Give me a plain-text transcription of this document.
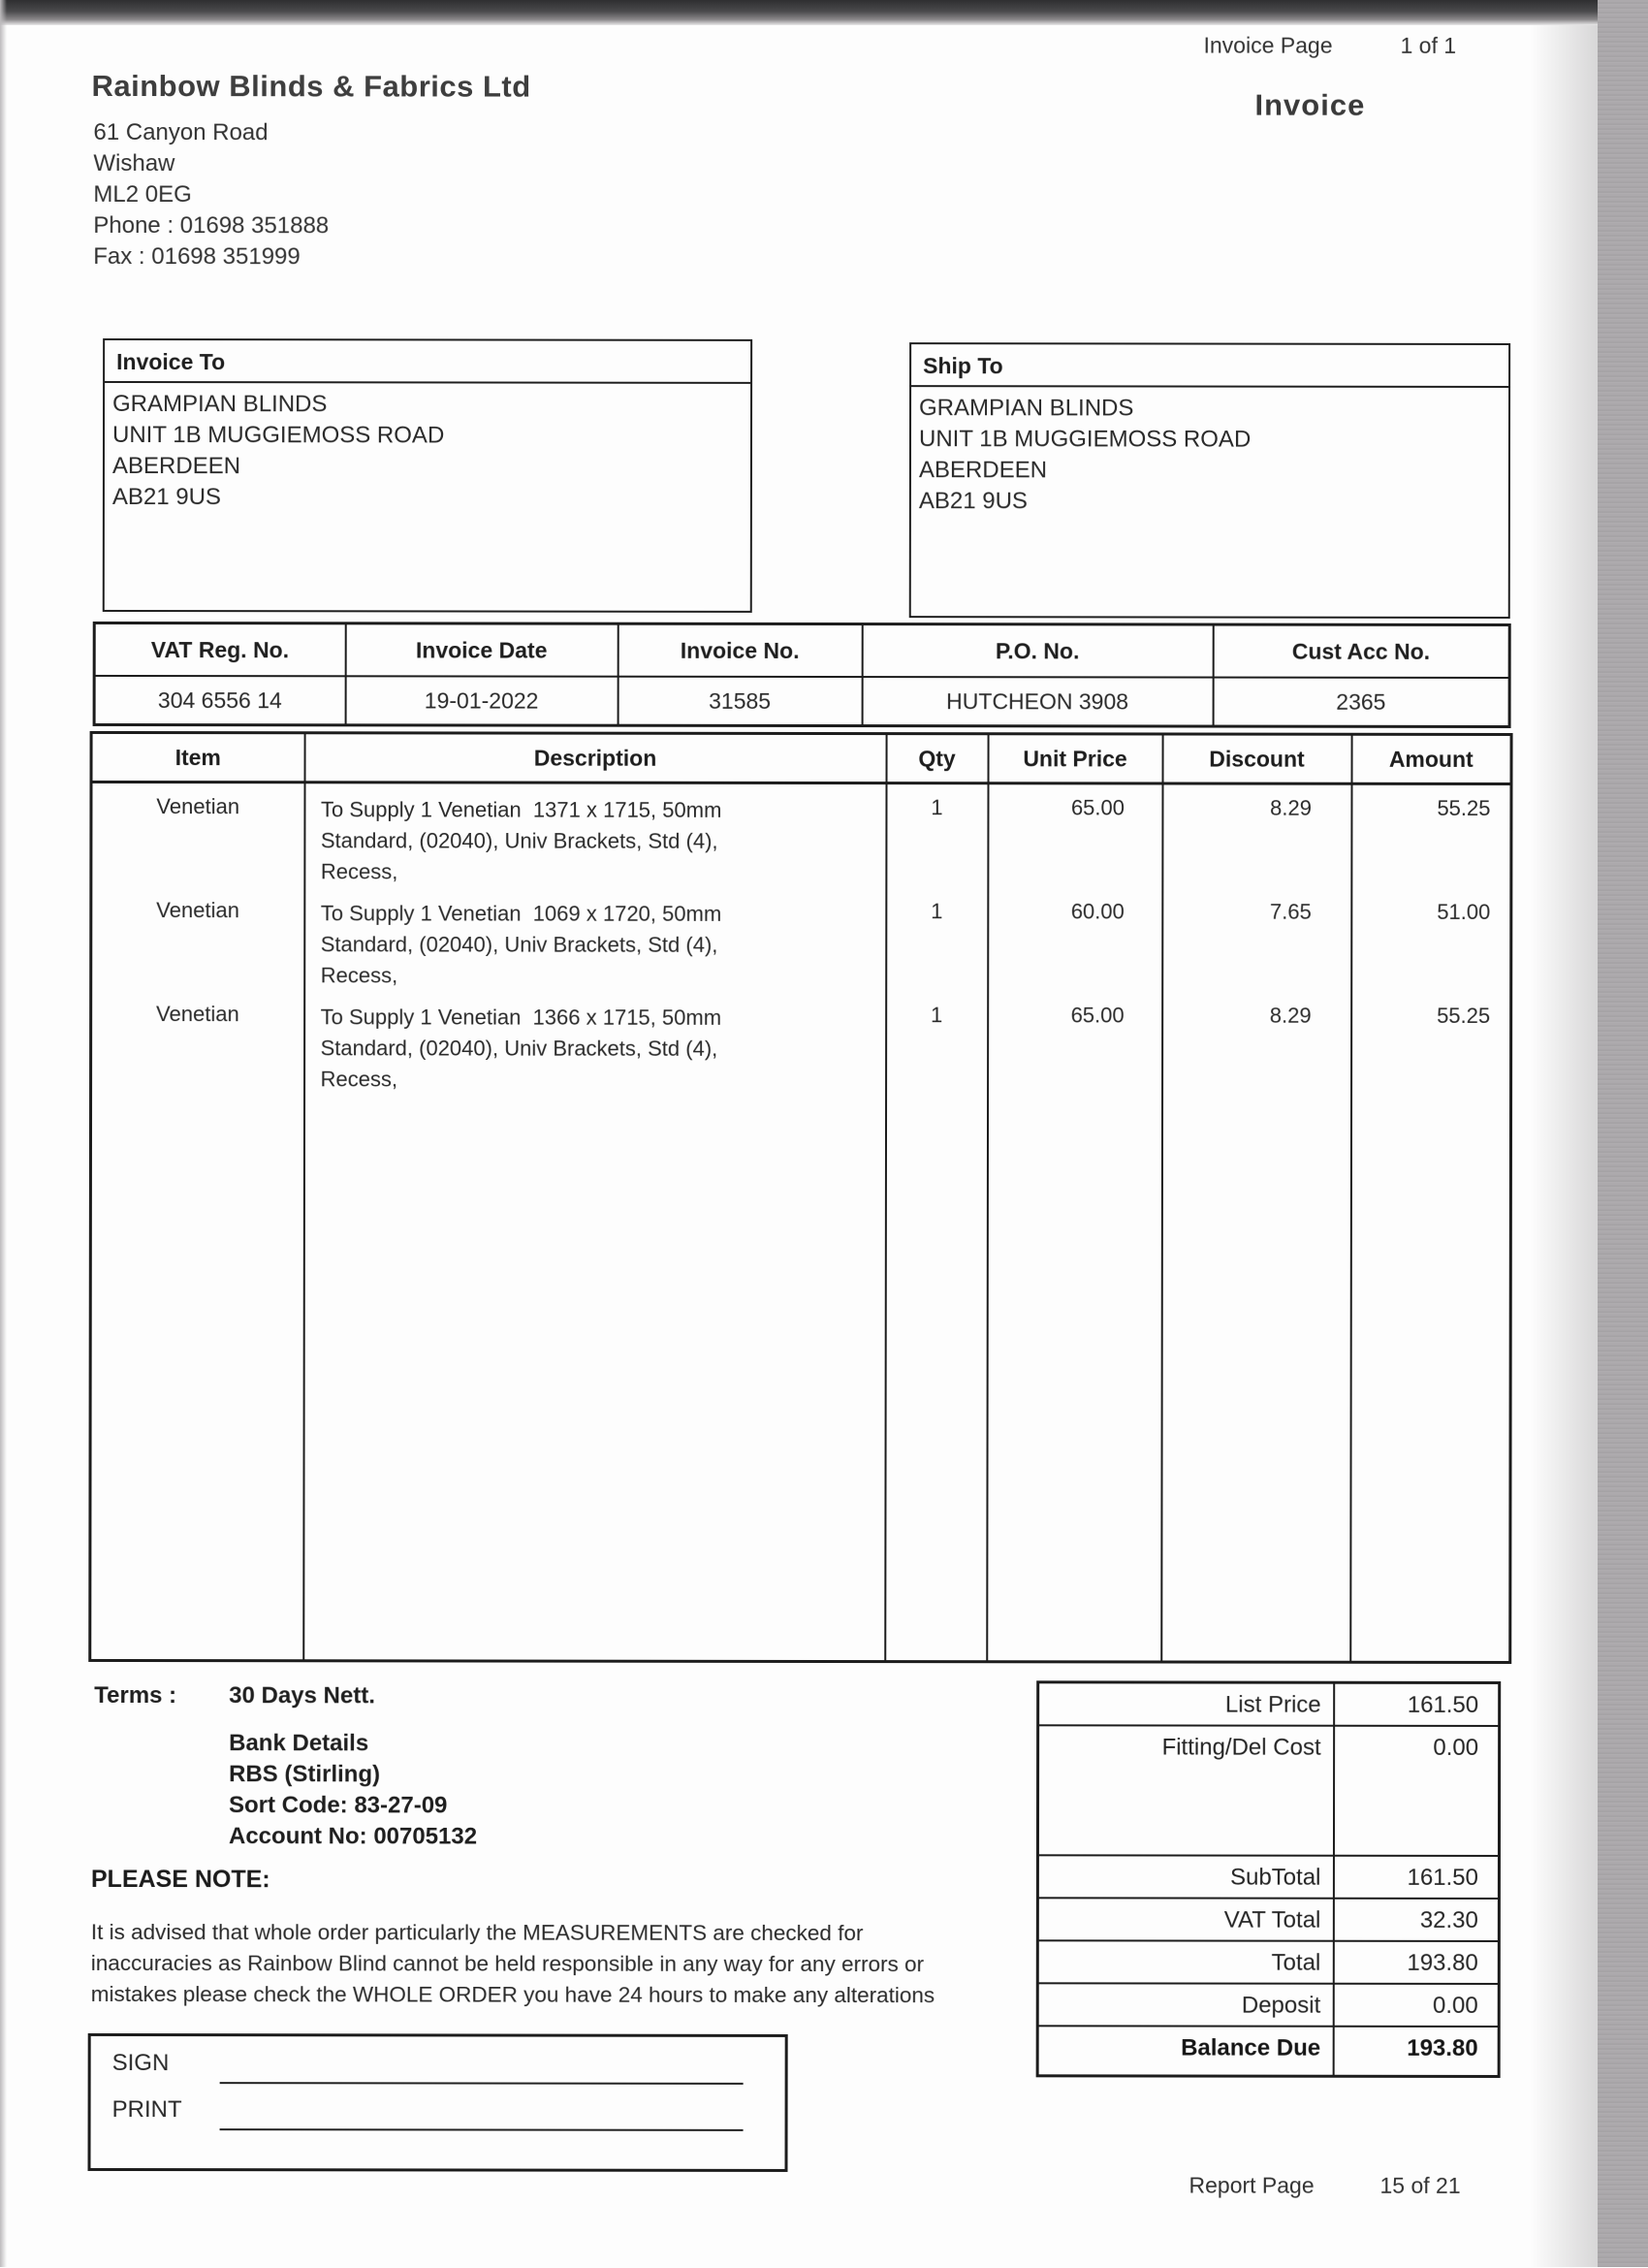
Rainbow Blinds & Fabrics Ltd
61 Canyon Road
Wishaw
ML2 0EG
Phone : 01698 351888
Fax : 01698 351999
Invoice Page	1 of 1
Invoice
Invoice To
GRAMPIAN BLINDS
UNIT 1B MUGGIEMOSS ROAD
ABERDEEN
AB21 9US
Ship To
GRAMPIAN BLINDS
UNIT 1B MUGGIEMOSS ROAD
ABERDEEN
AB21 9US
VAT Reg. No.	Invoice Date	Invoice No.	P.O. No.	Cust Acc No.
304 6556 14	19-01-2022	31585	HUTCHEON 3908	2365
Item	Description	Qty	Unit Price	Discount	Amount
Venetian	To Supply 1 Venetian  1371 x 1715, 50mm
Standard, (02040), Univ Brackets, Std (4),
Recess,	1	65.00	8.29	55.25
Venetian	To Supply 1 Venetian  1069 x 1720, 50mm
Standard, (02040), Univ Brackets, Std (4),
Recess,	1	60.00	7.65	51.00
Venetian	To Supply 1 Venetian  1366 x 1715, 50mm
Standard, (02040), Univ Brackets, Std (4),
Recess,	1	65.00	8.29	55.25
Terms : 30 Days Nett.
Bank Details
RBS (Stirling)
Sort Code: 83-27-09
Account No: 00705132
List Price	161.50
Fitting/Del Cost	0.00
SubTotal	161.50
VAT Total	32.30
Total	193.80
Deposit	0.00
Balance Due	193.80
PLEASE NOTE:
It is advised that whole order particularly the MEASUREMENTS are checked for inaccuracies as Rainbow Blind cannot be held responsible in any way for any errors or mistakes please check the WHOLE ORDER you have 24 hours to make any alterations
SIGN
PRINT
Report Page	15 of 21
